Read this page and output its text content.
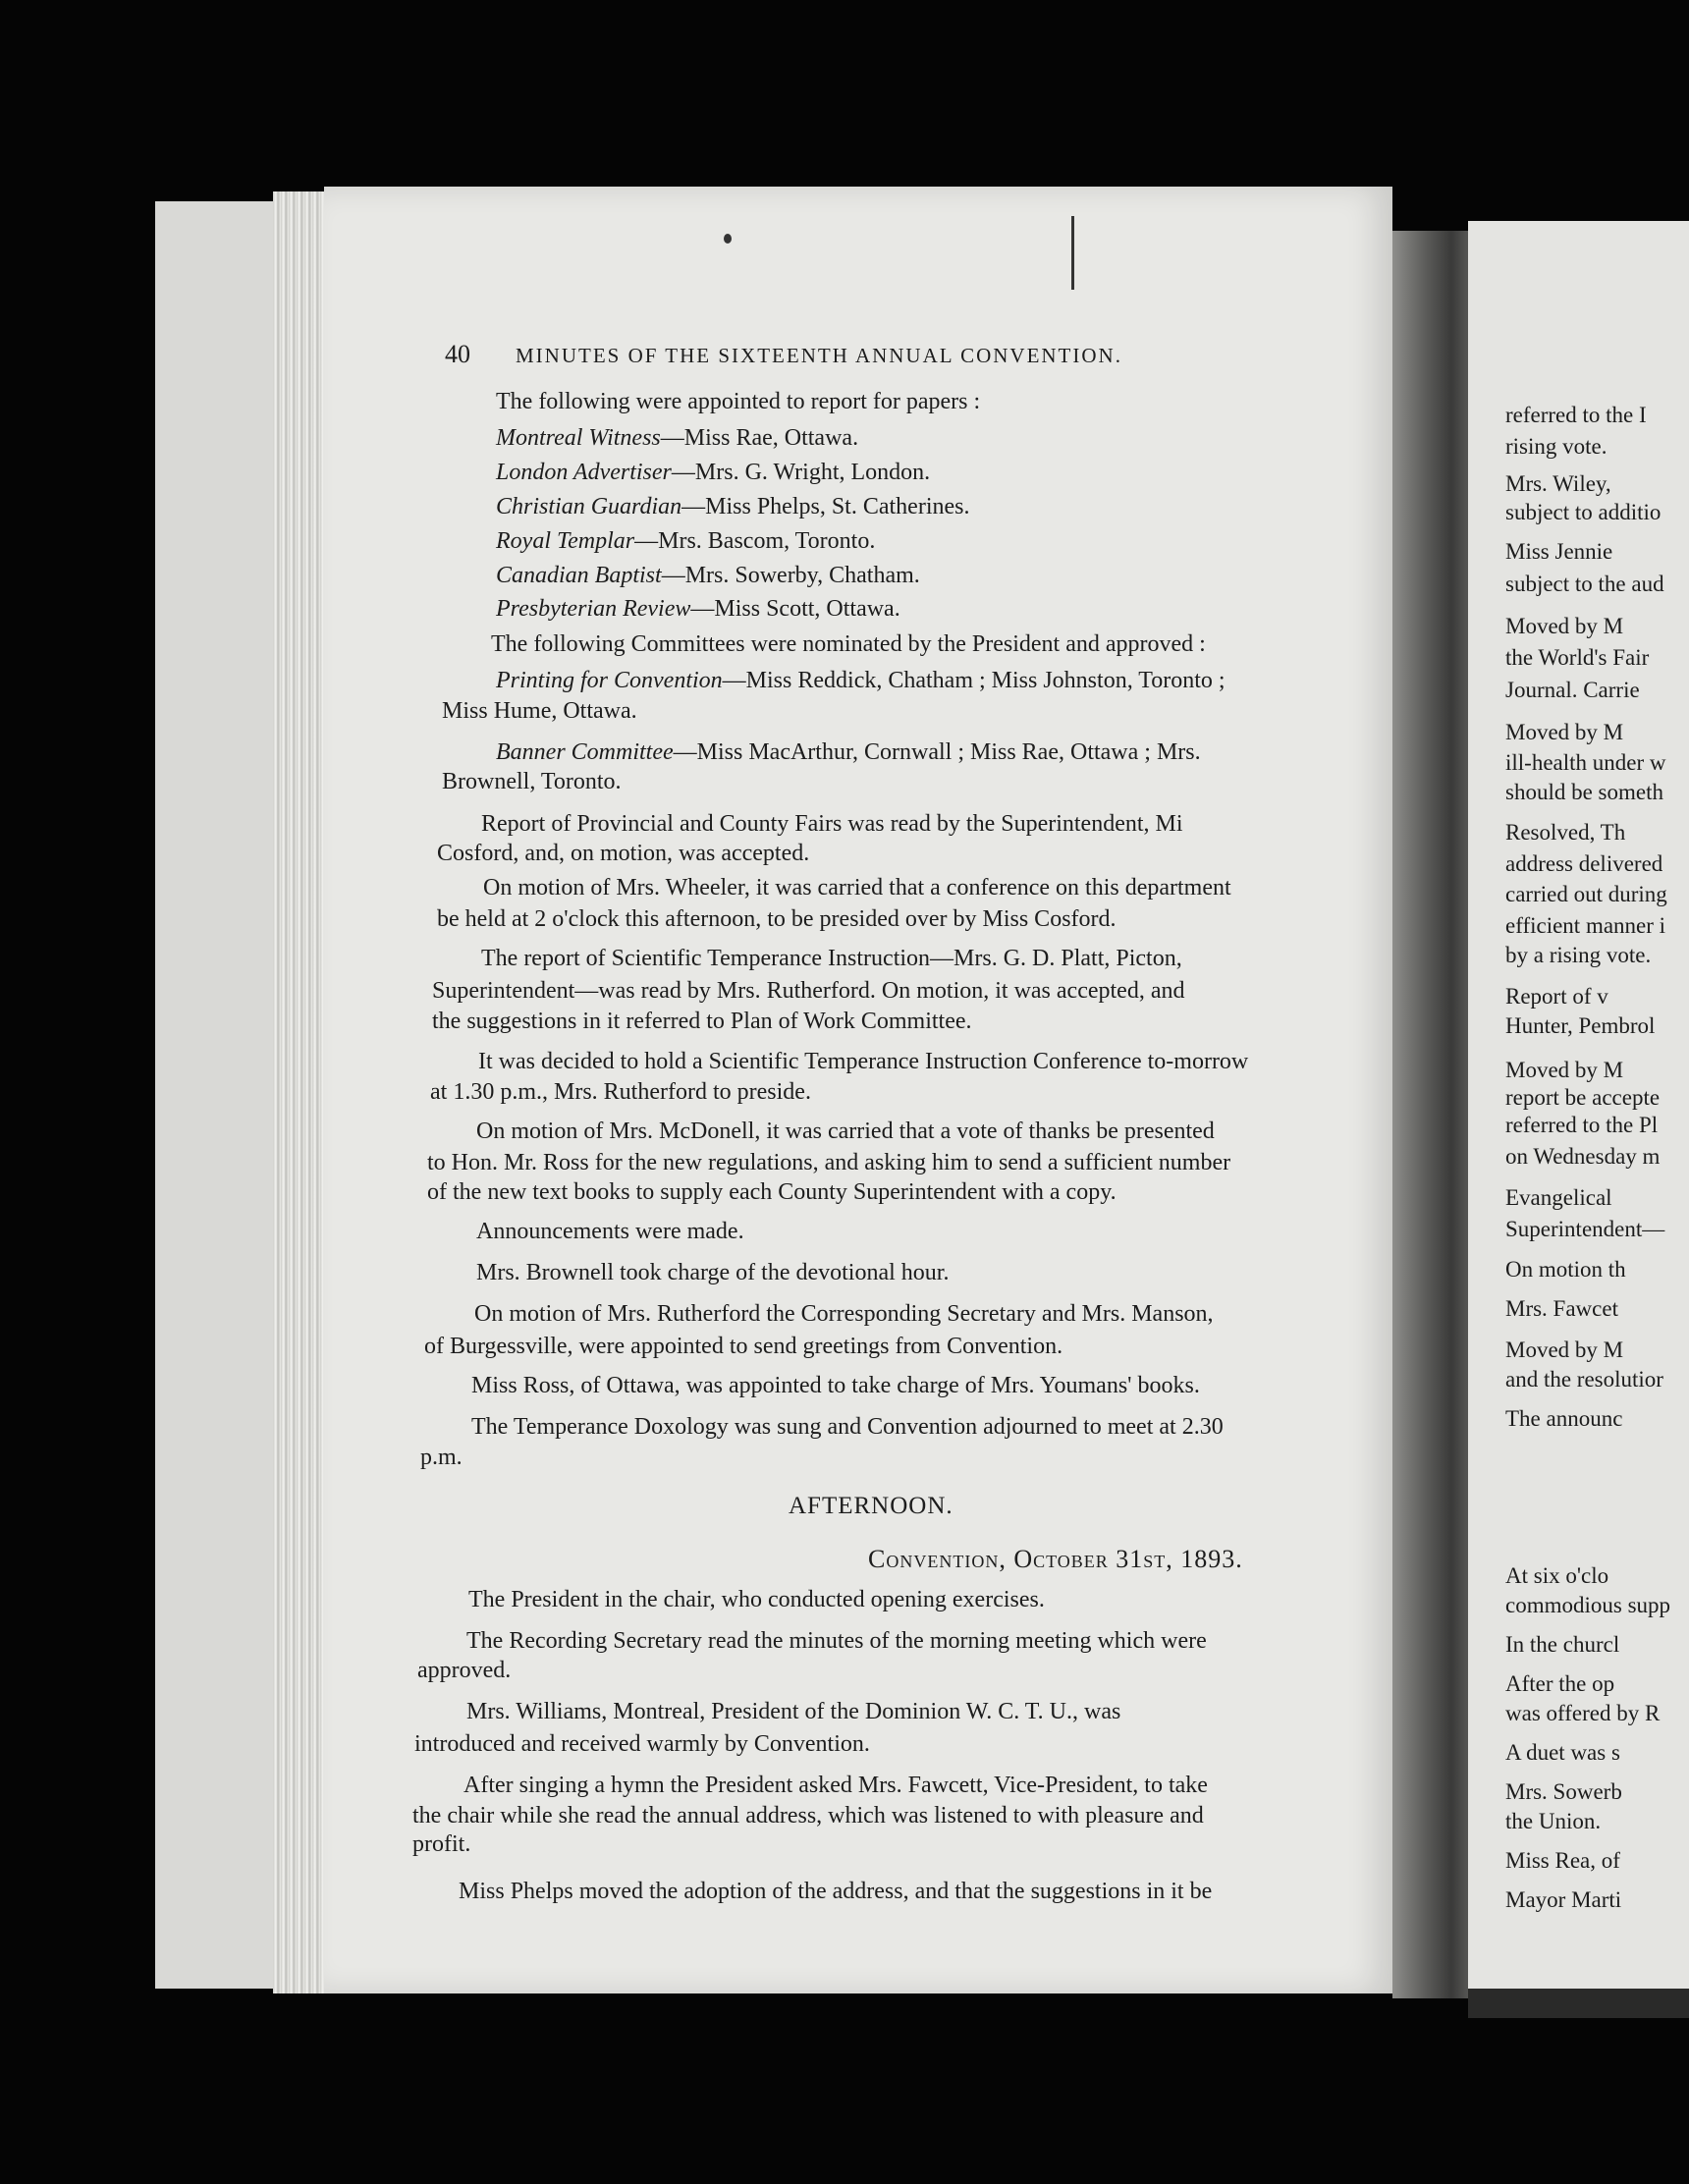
40 MINUTES OF THE SIXTEENTH ANNUAL CONVENTION.
The following were appointed to report for papers :
Montreal Witness—Miss Rae, Ottawa.
London Advertiser—Mrs. G. Wright, London.
Christian Guardian—Miss Phelps, St. Catherines.
Royal Templar—Mrs. Bascom, Toronto.
Canadian Baptist—Mrs. Sowerby, Chatham.
Presbyterian Review—Miss Scott, Ottawa.
The following Committees were nominated by the President and approved :
Printing for Convention—Miss Reddick, Chatham ; Miss Johnston, Toronto ;
Miss Hume, Ottawa.
Banner Committee—Miss MacArthur, Cornwall ; Miss Rae, Ottawa ; Mrs.
Brownell, Toronto.
Report of Provincial and County Fairs was read by the Superintendent, Mi
Cosford, and, on motion, was accepted.
On motion of Mrs. Wheeler, it was carried that a conference on this department
be held at 2 o'clock this afternoon, to be presided over by Miss Cosford.
The report of Scientific Temperance Instruction—Mrs. G. D. Platt, Picton,
Superintendent—was read by Mrs. Rutherford. On motion, it was accepted, and
the suggestions in it referred to Plan of Work Committee.
It was decided to hold a Scientific Temperance Instruction Conference to-morrow
at 1.30 p.m., Mrs. Rutherford to preside.
On motion of Mrs. McDonell, it was carried that a vote of thanks be presented
to Hon. Mr. Ross for the new regulations, and asking him to send a sufficient number
of the new text books to supply each County Superintendent with a copy.
Announcements were made.
Mrs. Brownell took charge of the devotional hour.
On motion of Mrs. Rutherford the Corresponding Secretary and Mrs. Manson,
of Burgessville, were appointed to send greetings from Convention.
Miss Ross, of Ottawa, was appointed to take charge of Mrs. Youmans' books.
The Temperance Doxology was sung and Convention adjourned to meet at 2.30
p.m.
AFTERNOON.
Convention, October 31st, 1893.
The President in the chair, who conducted opening exercises.
The Recording Secretary read the minutes of the morning meeting which were
approved.
Mrs. Williams, Montreal, President of the Dominion W. C. T. U., was
introduced and received warmly by Convention.
After singing a hymn the President asked Mrs. Fawcett, Vice-President, to take
the chair while she read the annual address, which was listened to with pleasure and
profit.
Miss Phelps moved the adoption of the address, and that the suggestions in it be
referred to the I
rising vote.
Mrs. Wiley,
subject to additio
Miss Jennie
subject to the aud
Moved by M
the World's Fair
Journal. Carrie
Moved by M
ill-health under w
should be someth
Resolved, Th
address delivered
carried out during
efficient manner i
by a rising vote.
Report of v
Hunter, Pembrol
Moved by M
report be accepte
referred to the Pl
on Wednesday m
Evangelical
Superintendent—
On motion th
Mrs. Fawcet
Moved by M
and the resolutior
The announc
At six o'clo
commodious supp
In the churcl
After the op
was offered by R
A duet was s
Mrs. Sowerb
the Union.
Miss Rea, of
Mayor Marti
